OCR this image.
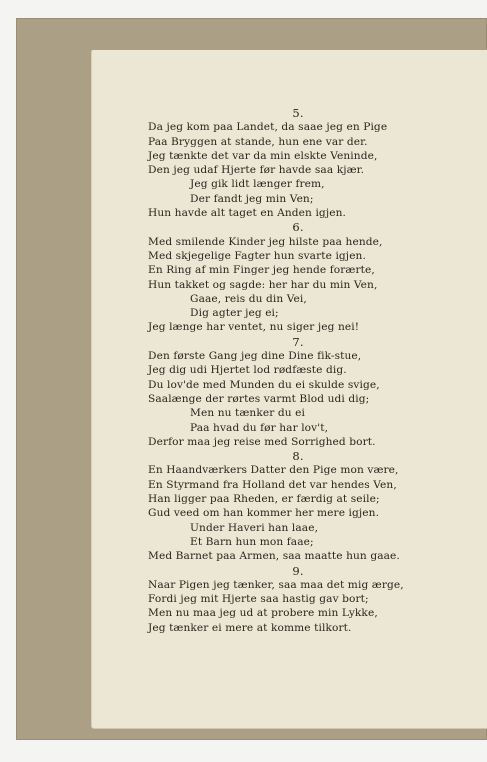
5.
Da jeg kom paa Landet, da saae jeg en Pige
Paa Bryggen at stande, hun ene var der.
Jeg tænkte det var da min elskte Veninde,
Den jeg udaf Hjerte før havde saa kjær.
Jeg gik lidt længer frem,
Der fandt jeg min Ven;
Hun havde alt taget en Anden igjen.
6.
Med smilende Kinder jeg hilste paa hende,
Med skjegelige Fagter hun svarte igjen.
En Ring af min Finger jeg hende forærte,
Hun takket og sagde: her har du min Ven,
Gaae, reis du din Vei,
Dig agter jeg ei;
Jeg længe har ventet, nu siger jeg nei!
7.
Den første Gang jeg dine Dine fik-stue,
Jeg dig udi Hjertet lod rødfæste dig.
Du lov'de med Munden du ei skulde svige,
Saalænge der rørtes varmt Blod udi dig;
Men nu tænker du ei
Paa hvad du før har lov't,
Derfor maa jeg reise med Sorrighed bort.
8.
En Haandværkers Datter den Pige mon være,
En Styrmand fra Holland det var hendes Ven,
Han ligger paa Rheden, er færdig at seile;
Gud veed om han kommer her mere igjen.
Under Haveri han laae,
Et Barn hun mon faae;
Med Barnet paa Armen, saa maatte hun gaae.
9.
Naar Pigen jeg tænker, saa maa det mig ærge,
Fordi jeg mit Hjerte saa hastig gav bort;
Men nu maa jeg ud at probere min Lykke,
Jeg tænker ei mere at komme tilkort.
